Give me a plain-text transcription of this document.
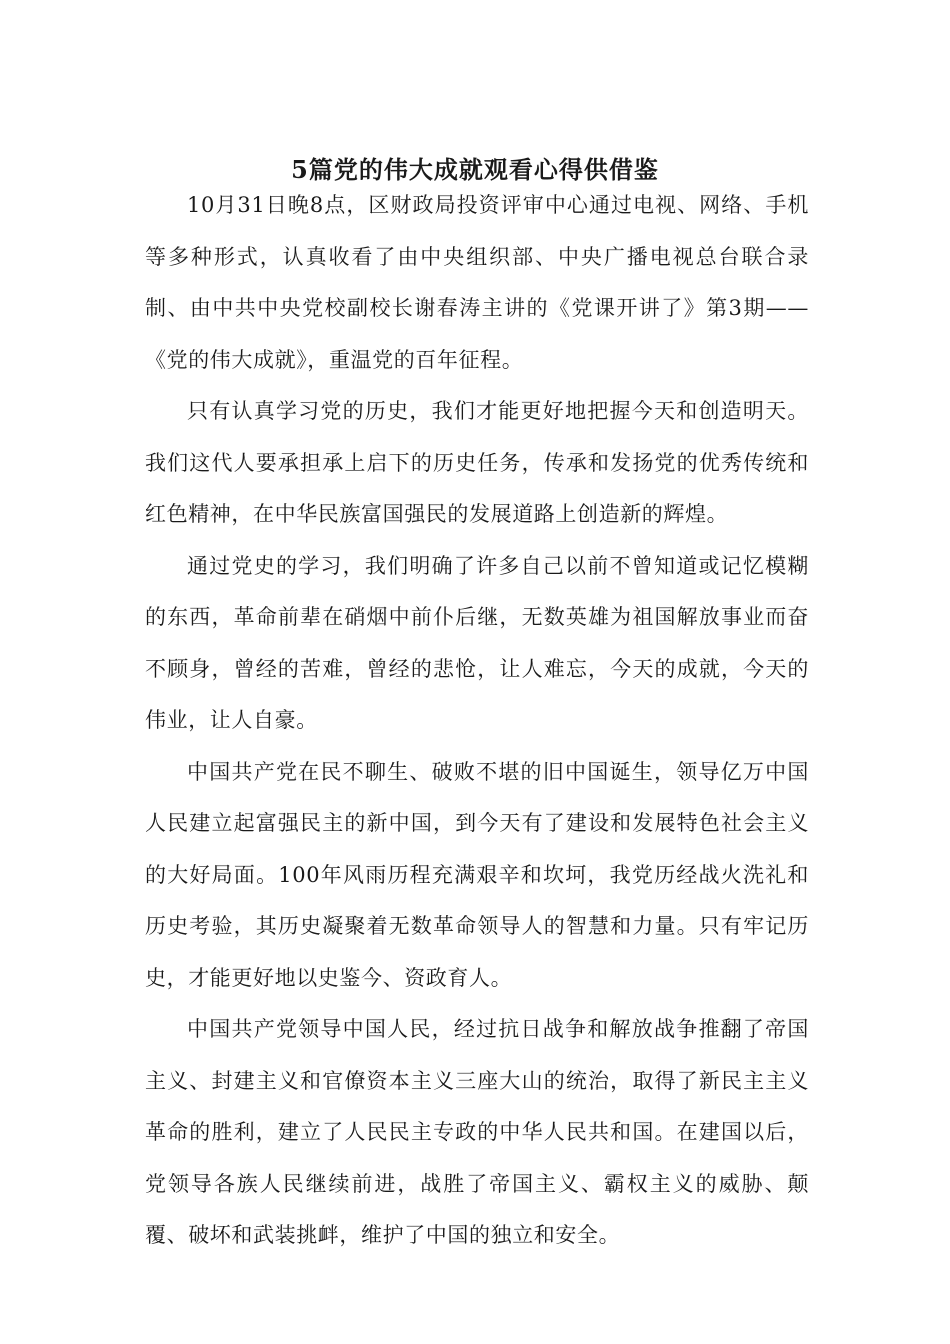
5篇党的伟大成就观看心得供借鉴

10月31日晚8点，区财政局投资评审中心通过电视、网络、手机等多种形式，认真收看了由中央组织部、中央广播电视总台联合录制、由中共中央党校副校长谢春涛主讲的《党课开讲了》第3期——《党的伟大成就》，重温党的百年征程。

只有认真学习党的历史，我们才能更好地把握今天和创造明天。我们这代人要承担承上启下的历史任务，传承和发扬党的优秀传统和红色精神，在中华民族富国强民的发展道路上创造新的辉煌。

通过党史的学习，我们明确了许多自己以前不曾知道或记忆模糊的东西，革命前辈在硝烟中前仆后继，无数英雄为祖国解放事业而奋不顾身，曾经的苦难，曾经的悲怆，让人难忘，今天的成就，今天的伟业，让人自豪。

中国共产党在民不聊生、破败不堪的旧中国诞生，领导亿万中国人民建立起富强民主的新中国，到今天有了建设和发展特色社会主义的大好局面。100年风雨历程充满艰辛和坎坷，我党历经战火洗礼和历史考验，其历史凝聚着无数革命领导人的智慧和力量。只有牢记历史，才能更好地以史鉴今、资政育人。

中国共产党领导中国人民，经过抗日战争和解放战争推翻了帝国主义、封建主义和官僚资本主义三座大山的统治，取得了新民主主义革命的胜利，建立了人民民主专政的中华人民共和国。在建国以后，党领导各族人民继续前进，战胜了帝国主义、霸权主义的威胁、颠覆、破坏和武装挑衅，维护了中国的独立和安全。
